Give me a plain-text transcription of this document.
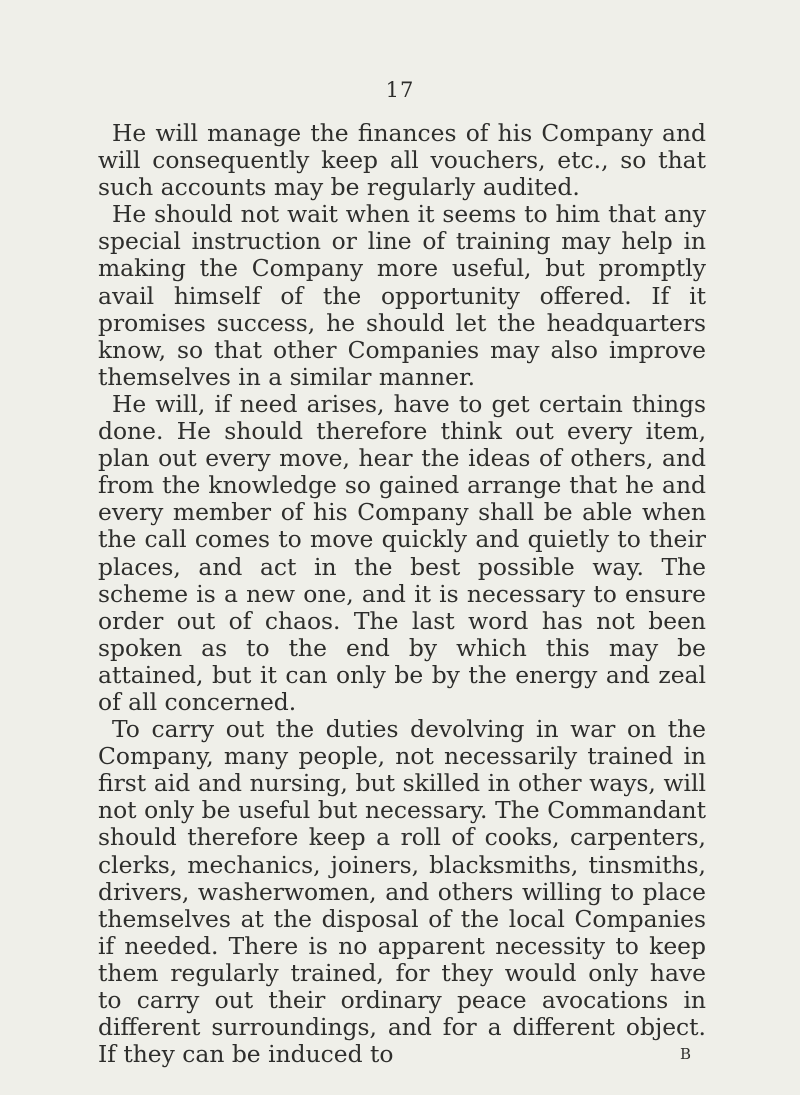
17

He will manage the finances of his Company and will consequently keep all vouchers, etc., so that such accounts may be regularly audited.

He should not wait when it seems to him that any special instruction or line of training may help in making the Company more useful, but promptly avail himself of the opportunity offered. If it promises success, he should let the headquarters know, so that other Companies may also improve themselves in a similar manner.

He will, if need arises, have to get certain things done. He should therefore think out every item, plan out every move, hear the ideas of others, and from the knowledge so gained arrange that he and every member of his Company shall be able when the call comes to move quickly and quietly to their places, and act in the best possible way. The scheme is a new one, and it is necessary to ensure order out of chaos. The last word has not been spoken as to the end by which this may be attained, but it can only be by the energy and zeal of all concerned.

To carry out the duties devolving in war on the Company, many people, not necessarily trained in first aid and nursing, but skilled in other ways, will not only be useful but necessary. The Commandant should therefore keep a roll of cooks, carpenters, clerks, mechanics, joiners, blacksmiths, tinsmiths, drivers, washerwomen, and others willing to place themselves at the disposal of the local Companies if needed. There is no apparent necessity to keep them regularly trained, for they would only have to carry out their ordinary peace avocations in different surroundings, and for a different object. If they can be induced to	B
